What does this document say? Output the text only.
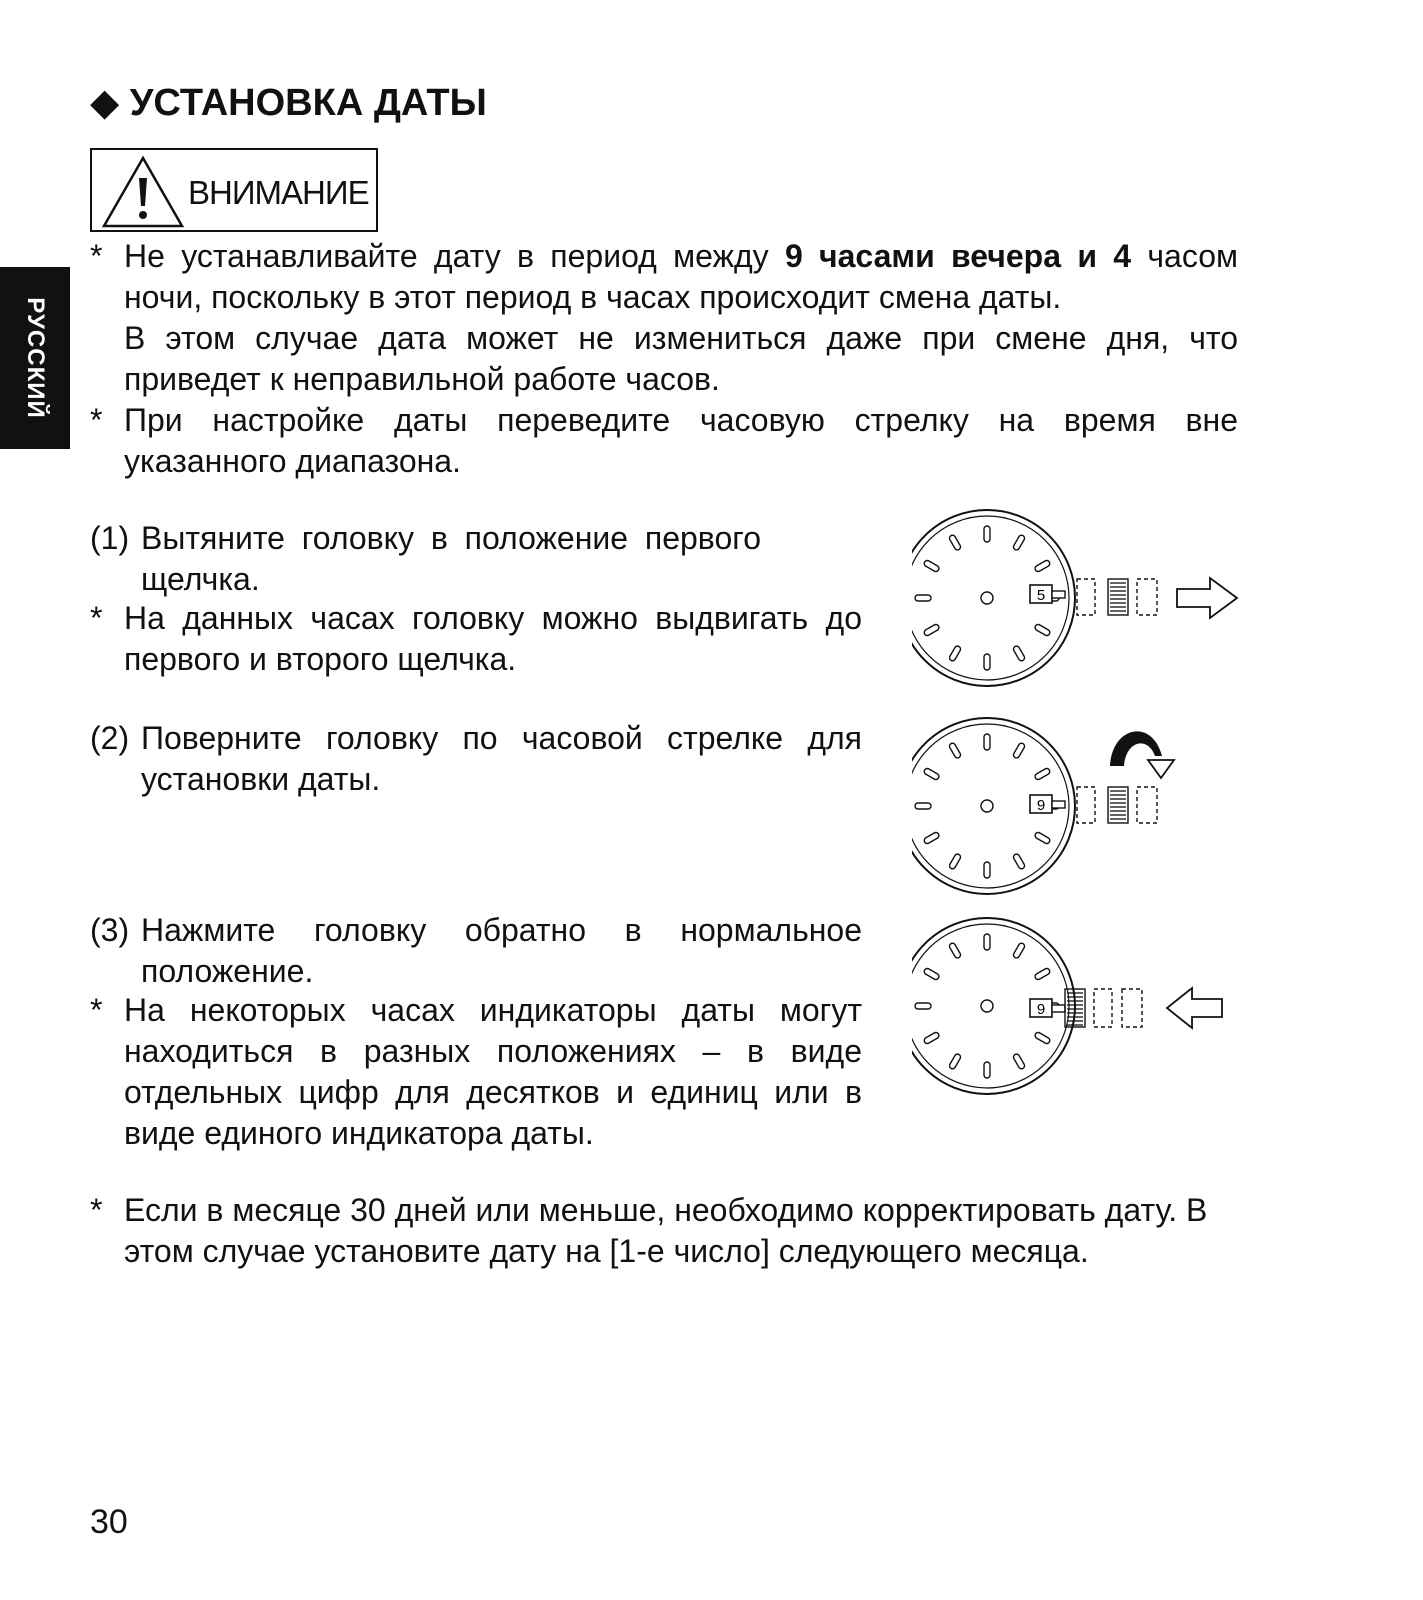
РУССКИЙ
◆ УСТАНОВКА ДАТЫ
ВНИМАНИЕ
* Не устанавливайте дату в период между 9 часами вечера и 4 часом ночи, поскольку в этот период в часах происходит смена даты.
В этом случае дата может не измениться даже при смене дня, что приведет к неправильной работе часов.
* При настройке даты переведите часовую стрелку на время вне указанного диапазона.
(1) Вытяните головку в положение первого щелчка.
* На данных часах головку можно выдвигать до первого и второго щелчка.
(2) Поверните головку по часовой стрелке для установки даты.
(3) Нажмите головку обратно в нормальное положение.
* На некоторых часах индикаторы даты могут находиться в разных положениях – в виде отдельных цифр для десятков и единиц или в виде единого индикатора даты.
* Если в месяце 30 дней или меньше, необходимо корректировать дату. В этом случае установите дату на [1-е число] следующего месяца.
5
9
9
30
